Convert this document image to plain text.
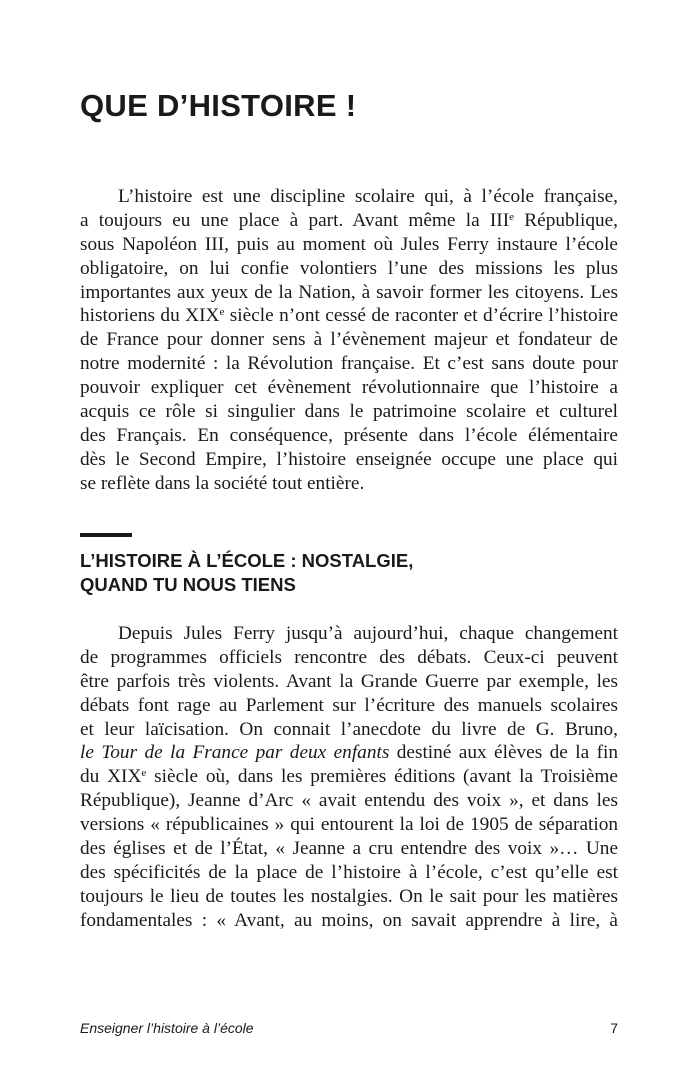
QUE D’HISTOIRE !
L’histoire est une discipline scolaire qui, à l’école française,
a toujours eu une place à part. Avant même la IIIe République,
sous Napoléon III, puis au moment où Jules Ferry instaure l’école
obligatoire, on lui confie volontiers l’une des missions les plus
importantes aux yeux de la Nation, à savoir former les citoyens. Les
historiens du XIXe siècle n’ont cessé de raconter et d’écrire l’histoire
de France pour donner sens à l’évènement majeur et fondateur de
notre modernité : la Révolution française. Et c’est sans doute pour
pouvoir expliquer cet évènement révolutionnaire que l’histoire a
acquis ce rôle si singulier dans le patrimoine scolaire et culturel
des Français. En conséquence, présente dans l’école élémentaire
dès le Second Empire, l’histoire enseignée occupe une place qui
se reflète dans la société tout entière.
L’HISTOIRE À L’ÉCOLE : NOSTALGIE,
QUAND TU NOUS TIENS
Depuis Jules Ferry jusqu’à aujourd’hui, chaque changement
de programmes officiels rencontre des débats. Ceux-ci peuvent
être parfois très violents. Avant la Grande Guerre par exemple, les
débats font rage au Parlement sur l’écriture des manuels scolaires
et leur laïcisation. On connait l’anecdote du livre de G. Bruno,
le Tour de la France par deux enfants destiné aux élèves de la fin
du XIXe siècle où, dans les premières éditions (avant la Troisième
République), Jeanne d’Arc « avait entendu des voix », et dans les
versions « républicaines » qui entourent la loi de 1905 de séparation
des églises et de l’État, « Jeanne a cru entendre des voix »… Une
des spécificités de la place de l’histoire à l’école, c’est qu’elle est
toujours le lieu de toutes les nostalgies. On le sait pour les matières
fondamentales : « Avant, au moins, on savait apprendre à lire, à
Enseigner l’histoire à l’école	7
